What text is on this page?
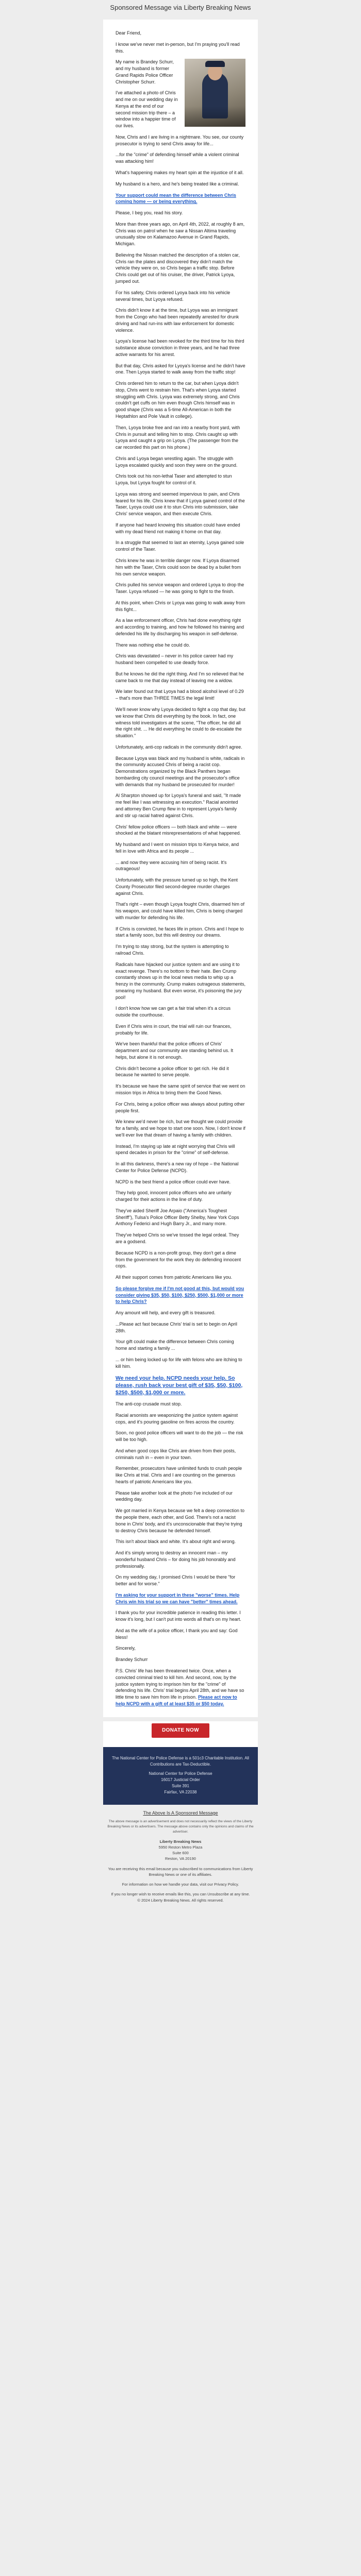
Sponsored Message via Liberty Breaking News

Dear Friend,

I know we've never met in-person, but I'm praying you'll read this.

My name is Brandey Schurr, and my husband is former Grand Rapids Police Officer Christopher Schurr.

I've attached a photo of Chris and me on our wedding day in Kenya at the end of our second mission trip there – a window into a happier time of our lives.

Now, Chris and I are living in a nightmare. You see, our county prosecutor is trying to send Chris away for life...

...for the "crime" of defending himself while a violent criminal was attacking him!

What's happening makes my heart spin at the injustice of it all.

My husband is a hero, and he's being treated like a criminal.

Your support could mean the difference between Chris coming home — or being everything.

Please, I beg you, read his story.

More than three years ago, on April 4th, 2022, at roughly 8 am, Chris was on patrol when he saw a Nissan Altima traveling unusually slow on Kalamazoo Avenue in Grand Rapids, Michigan.

Believing the Nissan matched the description of a stolen car, Chris ran the plates and discovered they didn't match the vehicle they were on, so Chris began a traffic stop. Before Chris could get out of his cruiser, the driver, Patrick Lyoya, jumped out.

For his safety, Chris ordered Lyoya back into his vehicle several times, but Lyoya refused.

Chris didn't know it at the time, but Lyoya was an immigrant from the Congo who had been repeatedly arrested for drunk driving and had run-ins with law enforcement for domestic violence.

Lyoya's license had been revoked for the third time for his third substance abuse conviction in three years, and he had three active warrants for his arrest.

But that day, Chris asked for Lyoya's license and he didn't have one. Then Lyoya started to walk away from the traffic stop!

Chris ordered him to return to the car, but when Lyoya didn't stop, Chris went to restrain him. That's when Lyoya started struggling with Chris. Lyoya was extremely strong, and Chris couldn't get cuffs on him even though Chris himself was in good shape (Chris was a 5-time All-American in both the Heptathlon and Pole Vault in college).

Then, Lyoya broke free and ran into a nearby front yard, with Chris in pursuit and telling him to stop. Chris caught up with Lyoya and caught a grip on Lyoya. (The passenger from the car recorded this part on his phone.)

Chris and Lyoya began wrestling again. The struggle with Lyoya escalated quickly and soon they were on the ground.

Chris took out his non-lethal Taser and attempted to stun Lyoya, but Lyoya fought for control of it.

Lyoya was strong and seemed impervious to pain, and Chris feared for his life. Chris knew that if Lyoya gained control of the Taser, Lyoya could use it to stun Chris into submission, take Chris' service weapon, and then execute Chris.

If anyone had heard knowing this situation could have ended with my dead friend not making it home on that day.

In a struggle that seemed to last an eternity, Lyoya gained sole control of the Taser.

Chris knew he was in terrible danger now. If Lyoya disarmed him with the Taser, Chris could soon be dead by a bullet from his own service weapon.

Chris pulled his service weapon and ordered Lyoya to drop the Taser. Lyoya refused — he was going to fight to the finish.

At this point, when Chris or Lyoya was going to walk away from this fight...

As a law enforcement officer, Chris had done everything right and according to training, and how he followed his training and defended his life by discharging his weapon in self-defense.

There was nothing else he could do.

Chris was devastated – never in his police career had my husband been compelled to use deadly force.

But he knows he did the right thing. And I'm so relieved that he came back to me that day instead of leaving me a widow.

We later found out that Lyoya had a blood alcohol level of 0.29 – that's more than THREE TIMES the legal limit!

We'll never know why Lyoya decided to fight a cop that day, but we know that Chris did everything by the book. In fact, one witness told investigators at the scene, "The officer, he did all the right shit. ... He did everything he could to de-escalate the situation."

Unfortunately, anti-cop radicals in the community didn't agree.

Because Lyoya was black and my husband is white, radicals in the community accused Chris of being a racist cop. Demonstrations organized by the Black Panthers began bombarding city council meetings and the prosecutor's office with demands that my husband be prosecuted for murder!

Al Sharpton showed up for Lyoya's funeral and said, "It made me feel like I was witnessing an execution." Racial anointed and attorney Ben Crump flew in to represent Lyoya's family and stir up racial hatred against Chris.

Chris' fellow police officers — both black and white — were shocked at the blatant misrepresentations of what happened.

My husband and I went on mission trips to Kenya twice, and fell in love with Africa and its people ...

... and now they were accusing him of being racist. It's outrageous!

Unfortunately, with the pressure turned up so high, the Kent County Prosecutor filed second-degree murder charges against Chris.

That's right – even though Lyoya fought Chris, disarmed him of his weapon, and could have killed him, Chris is being charged with murder for defending his life.

If Chris is convicted, he faces life in prison. Chris and I hope to start a family soon, but this will destroy our dreams.

I'm trying to stay strong, but the system is attempting to railroad Chris.

Radicals have hijacked our justice system and are using it to exact revenge. There's no bottom to their hate. Ben Crump constantly shows up in the local news media to whip up a frenzy in the community. Crump makes outrageous statements, smearing my husband. But even worse, it's poisoning the jury pool!

I don't know how we can get a fair trial when it's a circus outside the courthouse.

Even if Chris wins in court, the trial will ruin our finances, probably for life.

We've been thankful that the police officers of Chris' department and our community are standing behind us. It helps, but alone it is not enough.

Chris didn't become a police officer to get rich. He did it because he wanted to serve people.

It's because we have the same spirit of service that we went on mission trips in Africa to bring them the Good News.

For Chris, being a police officer was always about putting other people first.

We knew we'd never be rich, but we thought we could provide for a family, and we hope to start one soon. Now, I don't know if we'll ever live that dream of having a family with children.

Instead, I'm staying up late at night worrying that Chris will spend decades in prison for the "crime" of self-defense.

In all this darkness, there's a new ray of hope – the National Center for Police Defense (NCPD).

NCPD is the best friend a police officer could ever have.

They help good, innocent police officers who are unfairly charged for their actions in the line of duty.

They've aided Sheriff Joe Arpaio ("America's Toughest Sheriff"), Tulsa's Police Officer Betty Shelby, New York Cops Anthony Federici and Hugh Barry Jr., and many more.

They've helped Chris so we've tossed the legal ordeal. They are a godsend.

Because NCPD is a non-profit group, they don't get a dime from the government for the work they do defending innocent cops.

All their support comes from patriotic Americans like you.

So please forgive me if I'm not good at this, but would you consider giving $35, $50, $100, $250, $500, $1,000 or more to help Chris?

Any amount will help, and every gift is treasured.

...Please act fast because Chris' trial is set to begin on April 28th.

Your gift could make the difference between Chris coming home and starting a family ...

... or him being locked up for life with felons who are itching to kill him.

We need your help. NCPD needs your help. So please, rush back your best gift of $35, $50, $100, $250, $500, $1,000 or more.

The anti-cop crusade must stop.

Racial arsonists are weaponizing the justice system against cops, and it's pouring gasoline on fires across the country.

Soon, no good police officers will want to do the job — the risk will be too high.

And when good cops like Chris are driven from their posts, criminals rush in – even in your town.

Remember, prosecutors have unlimited funds to crush people like Chris at trial. Chris and I are counting on the generous hearts of patriotic Americans like you.

Please take another look at the photo I've included of our wedding day.

We got married in Kenya because we felt a deep connection to the people there, each other, and God. There's not a racist bone in Chris' body, and it's unconscionable that they're trying to destroy Chris because he defended himself.

This isn't about black and white. It's about right and wrong.

And it's simply wrong to destroy an innocent man – my wonderful husband Chris – for doing his job honorably and professionally.

On my wedding day, I promised Chris I would be there "for better and for worse."

I'm asking for your support in these "worse" times. Help Chris win his trial so we can have "better" times ahead.

I thank you for your incredible patience in reading this letter. I know it's long, but I can't put into words all that's on my heart.

And as the wife of a police officer, I thank you and say: God bless!

Sincerely,

Brandey Schurr

P.S. Chris' life has been threatened twice. Once, when a convicted criminal tried to kill him. And second, now, by the justice system trying to imprison him for the "crime" of defending his life. Chris' trial begins April 28th, and we have so little time to save him from life in prison. Please act now to help NCPD with a gift of at least $35 or $50 today.

DONATE NOW
The National Center for Police Defense is a 501c3 Charitable Institution. All Contributions are Tax-Deductible.
National Center for Police Defense
16017 Justicial Order
Suite 391
Fairfax, VA 22038
The Above Is A Sponsored Message
The above message is an advertisement and does not necessarily reflect the views of the Liberty Breaking News or its advertisers. The message above contains only the opinions and claims of the advertiser.
Liberty Breaking News
5950 Reston Metro Plaza
Suite 600
Reston, VA 20190
You are receiving this email because you subscribed to communications from Liberty Breaking News or one of its affiliates.
For information on how we handle your data, visit our Privacy Policy.
If you no longer wish to receive emails like this, you can Unsubscribe at any time.
© 2024 Liberty Breaking News. All rights reserved.
